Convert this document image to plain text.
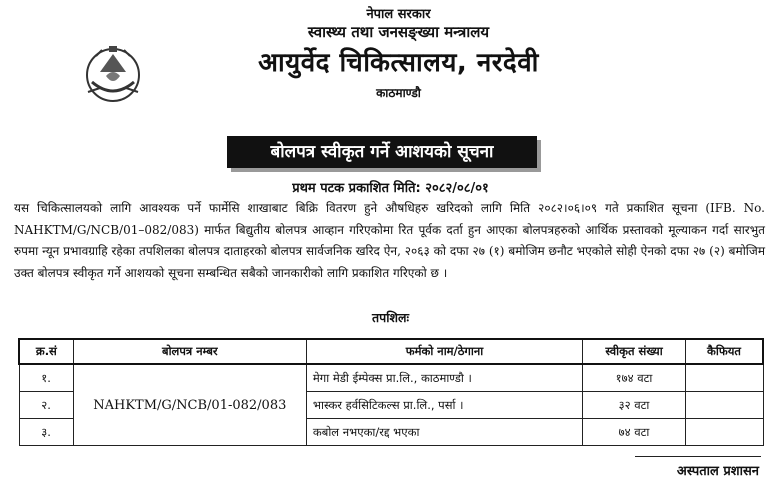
नेपाल सरकार
स्वास्थ्य तथा जनसङ्ख्या मन्त्रालय
आयुर्वेद चिकित्सालय, नरदेवी
काठमाण्डौ
बोलपत्र स्वीकृत गर्ने आशयको सूचना
प्रथम पटक प्रकाशित मिति: २०८२/०८/०१
यस चिकित्सालयको लागि आवश्यक पर्ने फार्मेसि शाखाबाट बिक्रि वितरण हुने औषधिहरु खरिदको लागि मिति २०८२।०६।०९ गते प्रकाशित सूचना (IFB. No. NAHKTM/G/NCB/01–082/083) मार्फत बिद्युतीय बोलपत्र आव्हान गरिएकोमा रित पूर्वक दर्ता हुन आएका बोलपत्रहरुको आर्थिक प्रस्तावको मूल्याकन गर्दा सारभुत रुपमा न्यून प्रभावग्राहि रहेका तपशिलका बोलपत्र दाताहरको बोलपत्र सार्वजनिक खरिद ऐन, २०६३ को दफा २७ (१) बमोजिम छनौट भएकोले सोही ऐनको दफा २७ (२) बमोजिम उक्त बोलपत्र स्वीकृत गर्ने आशयको सूचना सम्बन्धित सबैको जानकारीको लागि प्रकाशित गरिएको छ ।
तपशिलः
क्र.सं	बोलपत्र नम्बर	फर्मको नाम/ठेगाना	स्वीकृत संख्या	कैफियत
१.	NAHKTM/G/NCB/01-082/083	मेगा मेडी ईम्पेक्स प्रा.लि., काठमाण्डौ ।	१७४ वटा	
२.		भास्कर हर्वसिटिकल्स प्रा.लि., पर्सा ।	३२ वटा	
३.		कबोल नभएका/रद्द भएका	७४ वटा	
अस्पताल प्रशासन
